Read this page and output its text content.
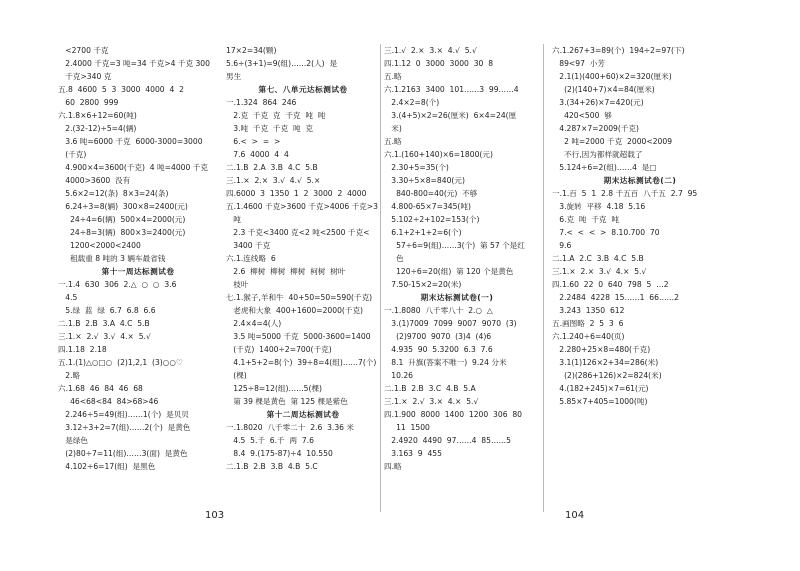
<2700 千克
2.4000 千克=3 吨=34 千克>4 千克 300
千克>340 克
五.8  4600  5  3  3000  4000  4  2
60  2800  999
六.1.8×6+12=60(吨)
2.(32-12)÷5=4(辆)
3.6 吨=6000 千克  6000-3000=3000
(千克)
4.900×4=3600(千克)  4 吨=4000 千克
4000>3600  没有
5.6×2=12(条)  8×3=24(条)
6.24÷3=8(辆)  300×8=2400(元)
24÷4=6(辆)  500×4=2000(元)
24÷8=3(辆)  800×3=2400(元)
1200<2000<2400
租载重 8 吨的 3 辆车最省钱
第十一周达标测试卷
一.1.4  630  306  2.△  ○  ○  3.6
4.5
5.绿  蓝  绿  6.7  6.8  6.6
二.1.B  2.B  3.A  4.C  5.B
三.1.×  2.√  3.√  4.×  5.√
四.1.18  2.18
五.1.(1)△○□○  (2)1,2,1  (3)○○♡
2.略
六.1.68  46  84  46  68
46<68<84  84>68>46
2.246÷5=49(组)……1(个)  是贝贝
3.12÷3+2=7(组)……2(个)  是黄色
是绿色
(2)80÷7=11(组)……3(面)  是黄色
4.102÷6=17(组)  是黑色
17×2=34(颗)
5.6÷(3+1)=9(组)……2(人)  是
男生
第七、八单元达标测试卷
一.1.324  864  246
2.克  千克  克  千克  吨  吨
3.吨  千克  千克  吨  克
6.<  >  =  >
7.6  4000  4  4
二.1.B  2.A  3.B  4.C  5.B
三.1.×  2.×  3.√  4.√  5.×
四.6000  3  1350  1  2  3000  2  4000
五.1.4600 千克>3600 千克>4006 千克>3
吨
2.3 千克<3400 克<2 吨<2500 千克<
3400 千克
六.1.连线略  6
2.6  柳树  柳树  柳树  柯树  树叶
枝叶
七.1.猴子,羊和牛  40+50=50=590(千克)
老虎和大象  400+1600=2000(千克)
2.4×4=4(人)
3.5 吨=5000 千克  5000-3600=1400
(千克)  1400÷2=700(千克)
4.1+5+2=8(个)  39÷8=4(组)……7(个)
(棵)
125÷8=12(组)……5(棵)
第 39 棵是黄色  第 125 棵是紫色
第十二周达标测试卷
一.1.8020  八千零二十  2.6  3.36 米
4.5  5.千  6.千  两  7.6
8.4  9.(175-87)÷4  10.550
二.1.B  2.B  3.B  4.B  5.C
三.1.√  2.×  3.×  4.√  5.√
四.1.12  0  3000  3000  30  8
五.略
六.1.2163  3400  101……3  99……4
2.4×2=8(个)
3.(4+5)×2=26(厘米)  6×4=24(厘
米)
五.略
六.1.(160+140)×6=1800(元)
2.30+5=35(个)
3.30÷5×8=840(元)
840-800=40(元)  不够
4.800-65×7=345(吨)
5.102÷2+102=153(个)
6.1+2+1+2=6(个)
57÷6=9(组)……3(个)  第 57 个是红
色
120÷6=20(组)  第 120 个是黄色
7.50-15×2=20(米)
期末达标测试卷(一)
一.1.8080  八千零八十  2.○  △
3.(1)7009  7099  9007  9070  (3)
(2)9700  9070  (3)4  (4)6
4.935  90  5.3200  6.3  7.6
8.1  升旗(答案不唯一)  9.24 分米
10.26
二.1.B  2.B  3.C  4.B  5.A
三.1.×  2.√  3.×  4.×  5.√
四.1.900  8000  1400  1200  306  80
11  1500
2.4920  4490  97……4  85……5
3.163  9  455
四.略
六.1.267+3=89(个)  194÷2=97(下)
89<97  小芳
2.1(1)(400+60)×2=320(厘米)
(2)(140+7)×4=84(厘米)
3.(34+26)×7=420(元)
420<500  够
4.287×7=2009(千克)
2 吨=2000 千克  2000<2009
不行,因为都样就超载了
5.124÷6=2(组)……4  是□
期末达标测试卷(二)
一.1.百  5  1  2.8 千五百  八千五  2.7  95
3.旋转  平移  4.18  5.16
6.克  吨  千克  吨
7.<  <  <  >  8.10.700  70
9.6
二.1.A  2.C  3.B  4.C  5.B
三.1.×  2.×  3.√  4.×  5.√
四.1.60  22  0  640  798  5  …2
2.2484  4228  15……1  66……2
3.243  1350  612
五.画图略  2  5  3  6
六.1.240÷6=40(页)
2.280+25×8=480(千克)
3.1(1)126×2+34=286(米)
(2)(286+126)×2=824(米)
4.(182+245)×7=61(元)
5.85×7+405=1000(吨)
103	104
